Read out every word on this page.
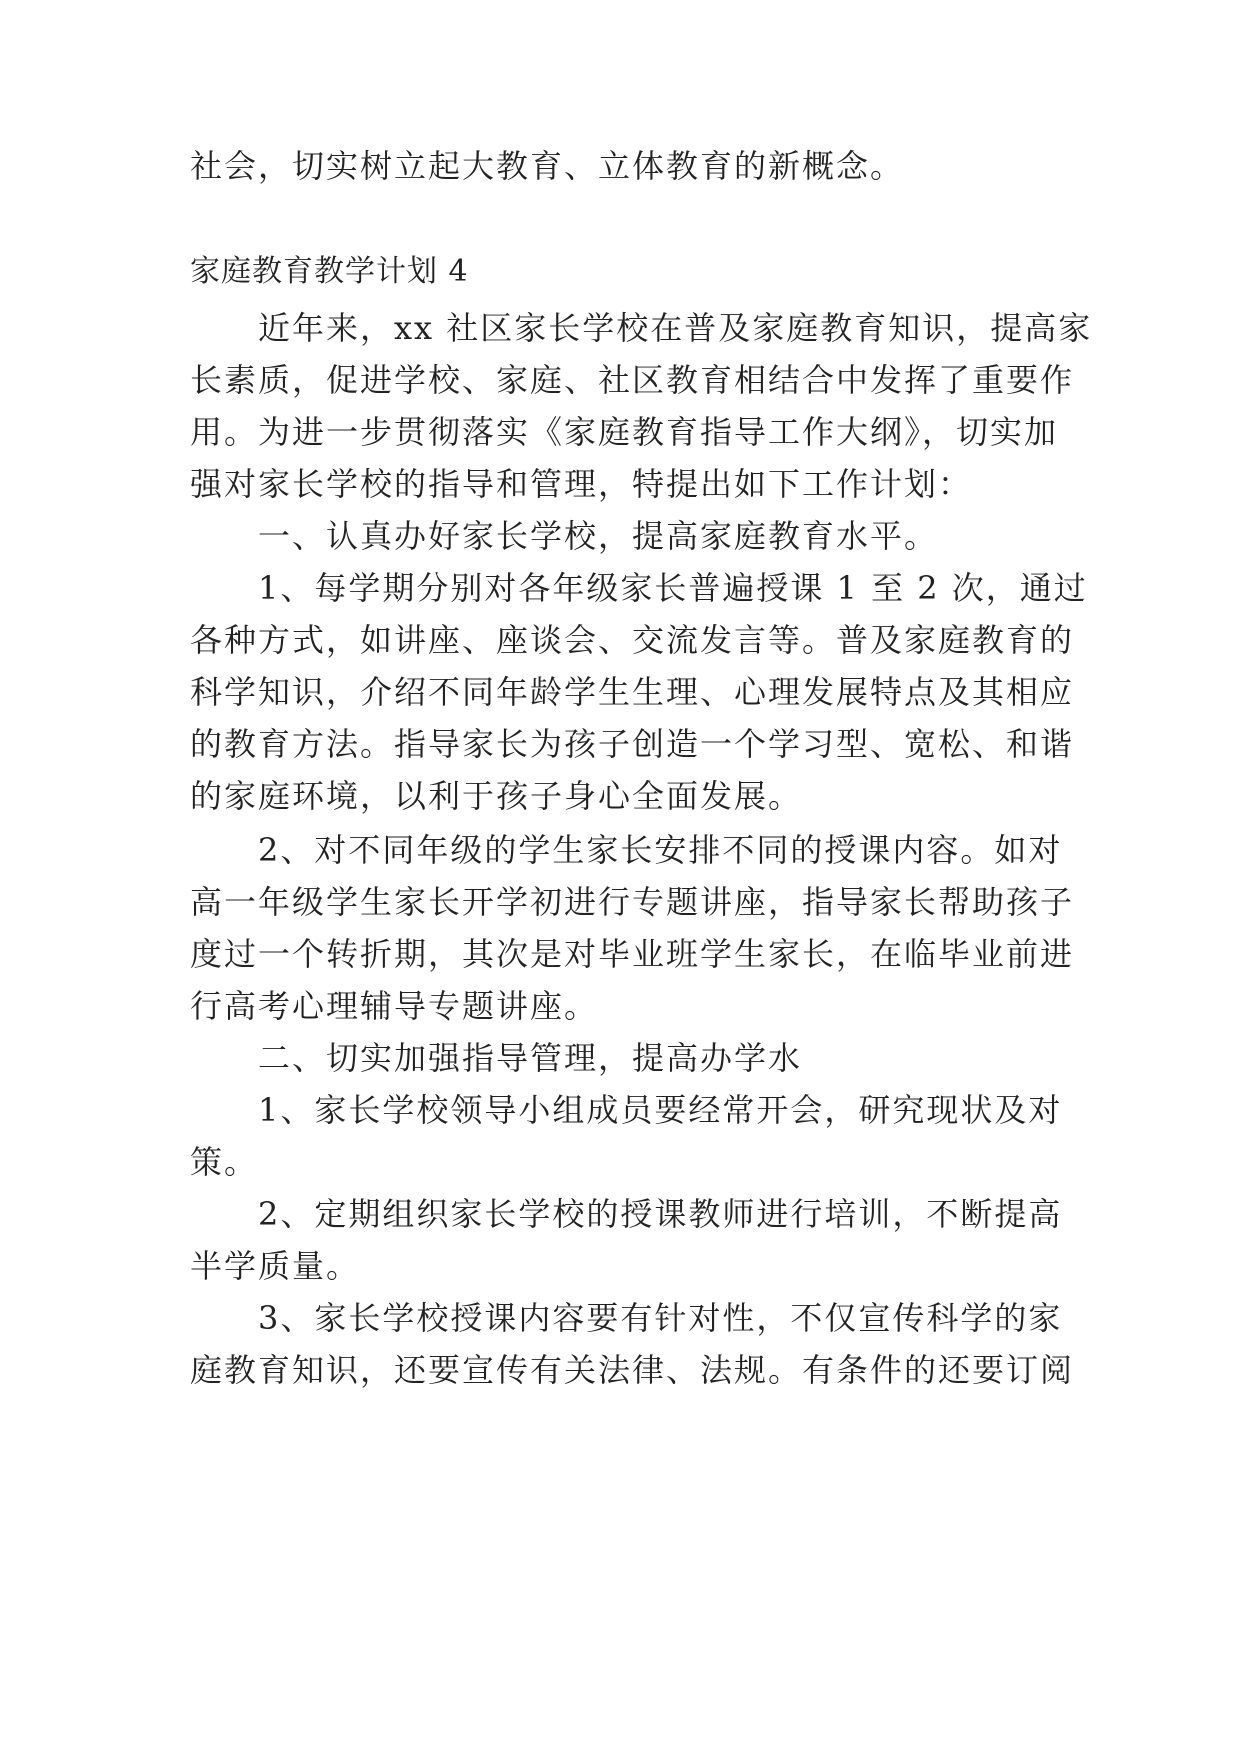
社会，切实树立起大教育、立体教育的新概念。
家庭教育教学计划 4
　　近年来，xx 社区家长学校在普及家庭教育知识，提高家
长素质，促进学校、家庭、社区教育相结合中发挥了重要作
用。为进一步贯彻落实《家庭教育指导工作大纲》，切实加
强对家长学校的指导和管理，特提出如下工作计划：
　　一、认真办好家长学校，提高家庭教育水平。
　　1、每学期分别对各年级家长普遍授课 1 至 2 次，通过
各种方式，如讲座、座谈会、交流发言等。普及家庭教育的
科学知识，介绍不同年龄学生生理、心理发展特点及其相应
的教育方法。指导家长为孩子创造一个学习型、宽松、和谐
的家庭环境，以利于孩子身心全面发展。
　　2、对不同年级的学生家长安排不同的授课内容。如对
高一年级学生家长开学初进行专题讲座，指导家长帮助孩子
度过一个转折期，其次是对毕业班学生家长，在临毕业前进
行高考心理辅导专题讲座。
　　二、切实加强指导管理，提高办学水
　　1、家长学校领导小组成员要经常开会，研究现状及对
策。
　　2、定期组织家长学校的授课教师进行培训，不断提高
半学质量。
　　3、家长学校授课内容要有针对性，不仅宣传科学的家
庭教育知识，还要宣传有关法律、法规。有条件的还要订阅
